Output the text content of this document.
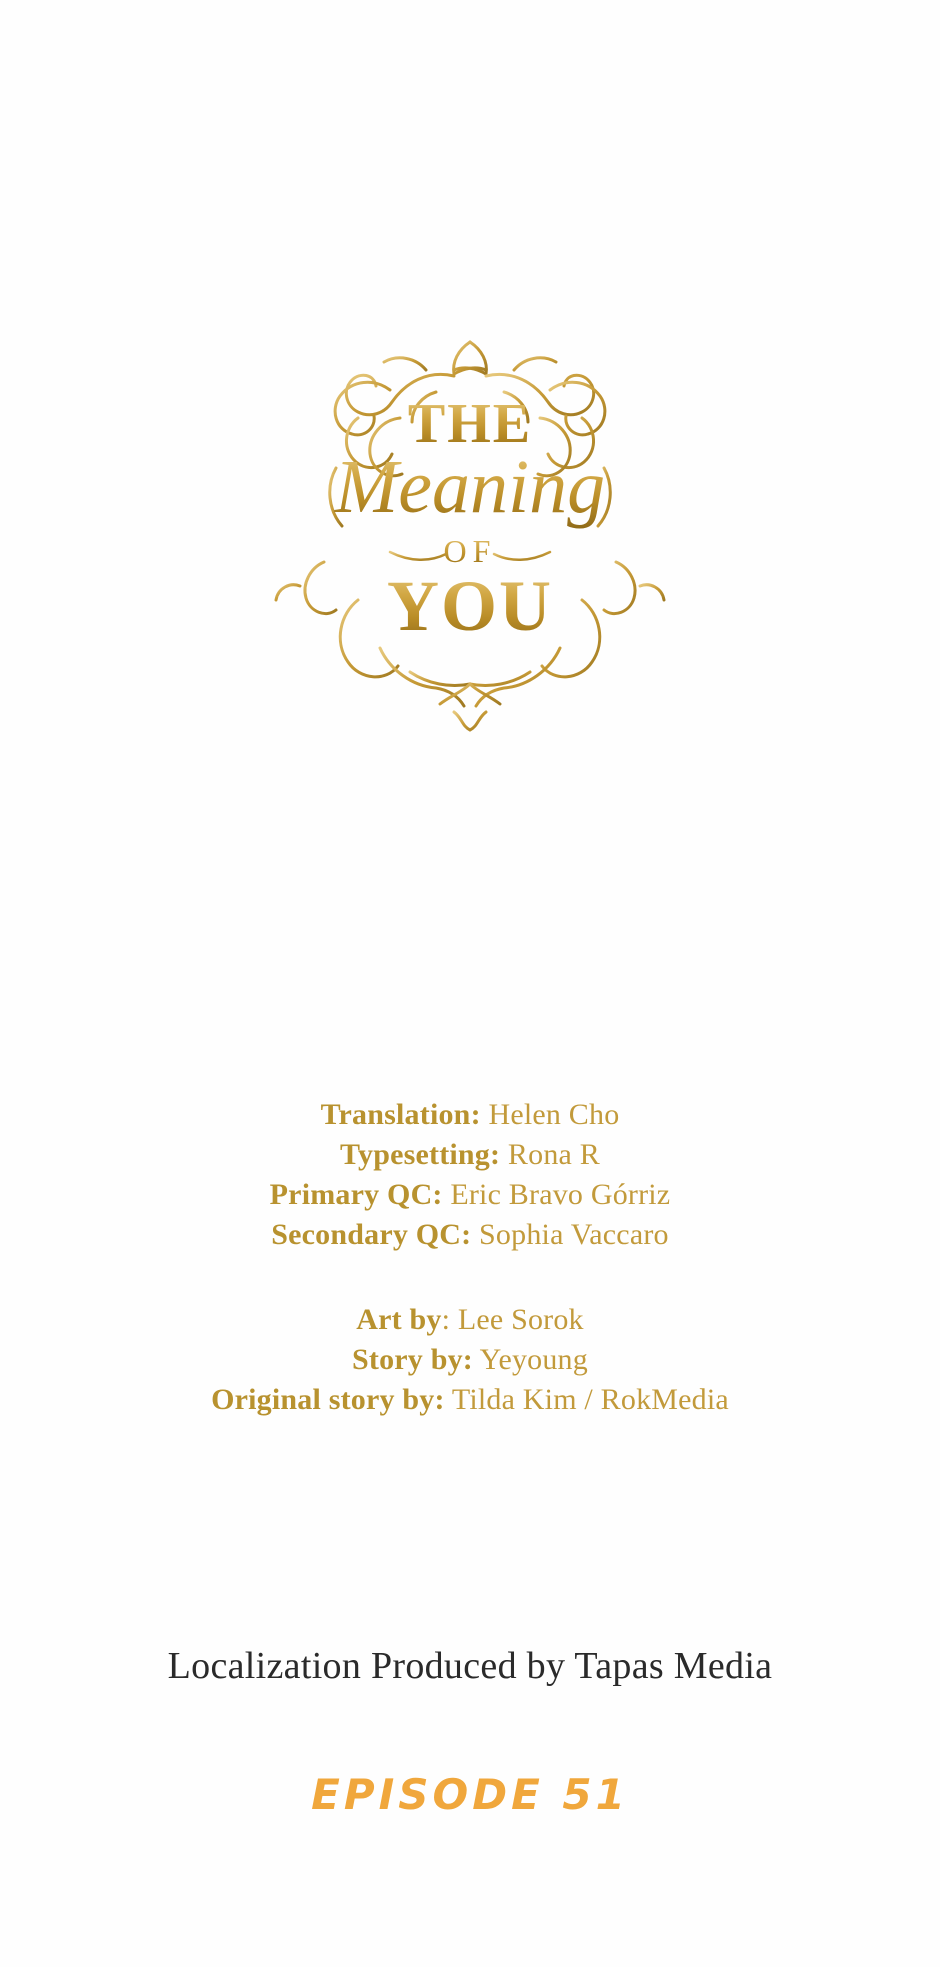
THE
Meaning
OF
YOU
Translation: Helen Cho
Typesetting: Rona R
Primary QC: Eric Bravo Górriz
Secondary QC: Sophia Vaccaro
Art by: Lee Sorok
Story by: Yeyoung
Original story by: Tilda Kim / RokMedia
Localization Produced by Tapas Media
EPISODE 51
